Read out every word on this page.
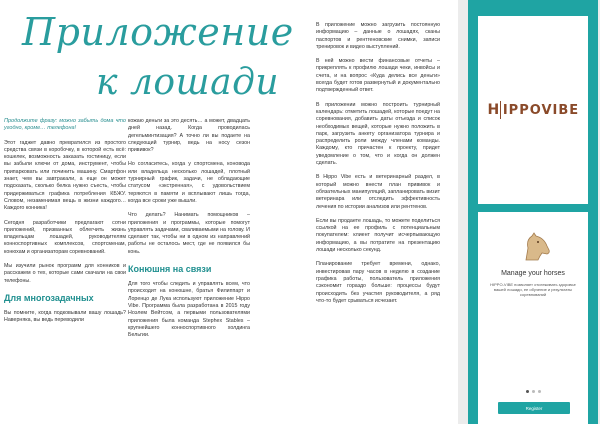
Приложение
к лошади

Продолжите фразу: можно забыть дома что угодно, кроме… телефона!

Этот гаджет давно превратился из простого средства связи в коробочку, в которой есть всё: кошелек, возможность заказать гостиницу, если вы забыли ключи от дома, инструмент, чтобы припарковать или починить машину. Смартфон знает, чем вы завтракали, а еще он может подсказать, сколько белка нужно съесть, чтобы придерживаться графика потребления КБЖУ. Словом, незаменимая вещь в жизни каждого… Каждого конника!

Сегодня разработчики предлагают сотни приложений, призванных облегчить жизнь владельцам лошадей, руководителям конноспортивных комплексов, спортсменам, конюхам и организаторам соревнований.

Мы изучили рынок программ для конников и расскажем о тех, которые сами скачали на свои телефоны.

Для многозадачных

Вы помните, когда подковывали вашу лошадь? Наверняка, вы ведь переводили

кожаю деньги за это десять… а может, двадцать дней назад. Когда проводилась дегельминтизация? А точно ли вы подаете на следующий турнир, ведь на носу сезон прививок?

Но согласитесь, когда у спортсмена, коновода или владельца несколько лошадей, плотный турнирный график, задачи, не обладающие статусом «экстренная», с удовольствием теряются в памяти и всплывают лишь тогда, когда все сроки уже вышли.

Что делать? Нанимать помощников – приложения и программы, которые помогут управлять задачами, сваливаемыми на голову. И сделают так, чтобы ни в одном из направлений работы не осталось мест, где не появился бы конь.

Конюшня на связи

Для того чтобы следить и управлять всем, что происходит на конюшне, братья Филиппарт и Лоренцо де Лука используют приложение Hippo Vibe. Программа была разработана в 2015 году Ноэлем Вейтсом, а первыми пользователями приложения была команда Stephex Stables – крупнейшего конноспортивного холдинга Бельгии.

В приложение можно загрузить постоянную информацию – данные о лошадях, сканы паспортов и рентгеновские снимки, записи тренировок и видео выступлений.

В ней можно вести финансовые отчеты – прикреплять к профилю лошади чеки, инвойсы и счета, и на вопрос «Куда делись все деньги» всегда будет готов развернутый и документально подтвержденный ответ.

В приложении можно построить турнирный календарь: отметить лошадей, которые поедут на соревнования, добавить даты отъезда и список необходимых вещей, которые нужно положить в парк, загрузить анкету организатора турнира и распределить роли между членами команды. Каждому, кто причастен к проекту, придет уведомление о том, что и когда он должен сделать.

В Hippo Vibe есть и ветеринарный раздел, в который можно внести план прививок и обязательных манипуляций, запланировать визит ветеринара или отследить эффективность лечения по истории анализов или рентгенов.

Если вы продаете лошадь, то можете поделиться ссылкой на ее профиль с потенциальным покупателем: клиент получит исчерпывающую информацию, а вы потратите на презентацию лошади несколько секунд.

Планирование требует времени, однако, инвестировав пару часов в неделю в создание графика работы, пользователь приложения сэкономит гораздо больше: процессы будут происходить без участия руководителя, а ряд что-то будет срываться исчезает.

H IPPOVIBE
Manage your horses
HIPPO-VIBE позволяет отслеживать здоровье вашей лошади, ее обучение и результаты соревнований
Register
